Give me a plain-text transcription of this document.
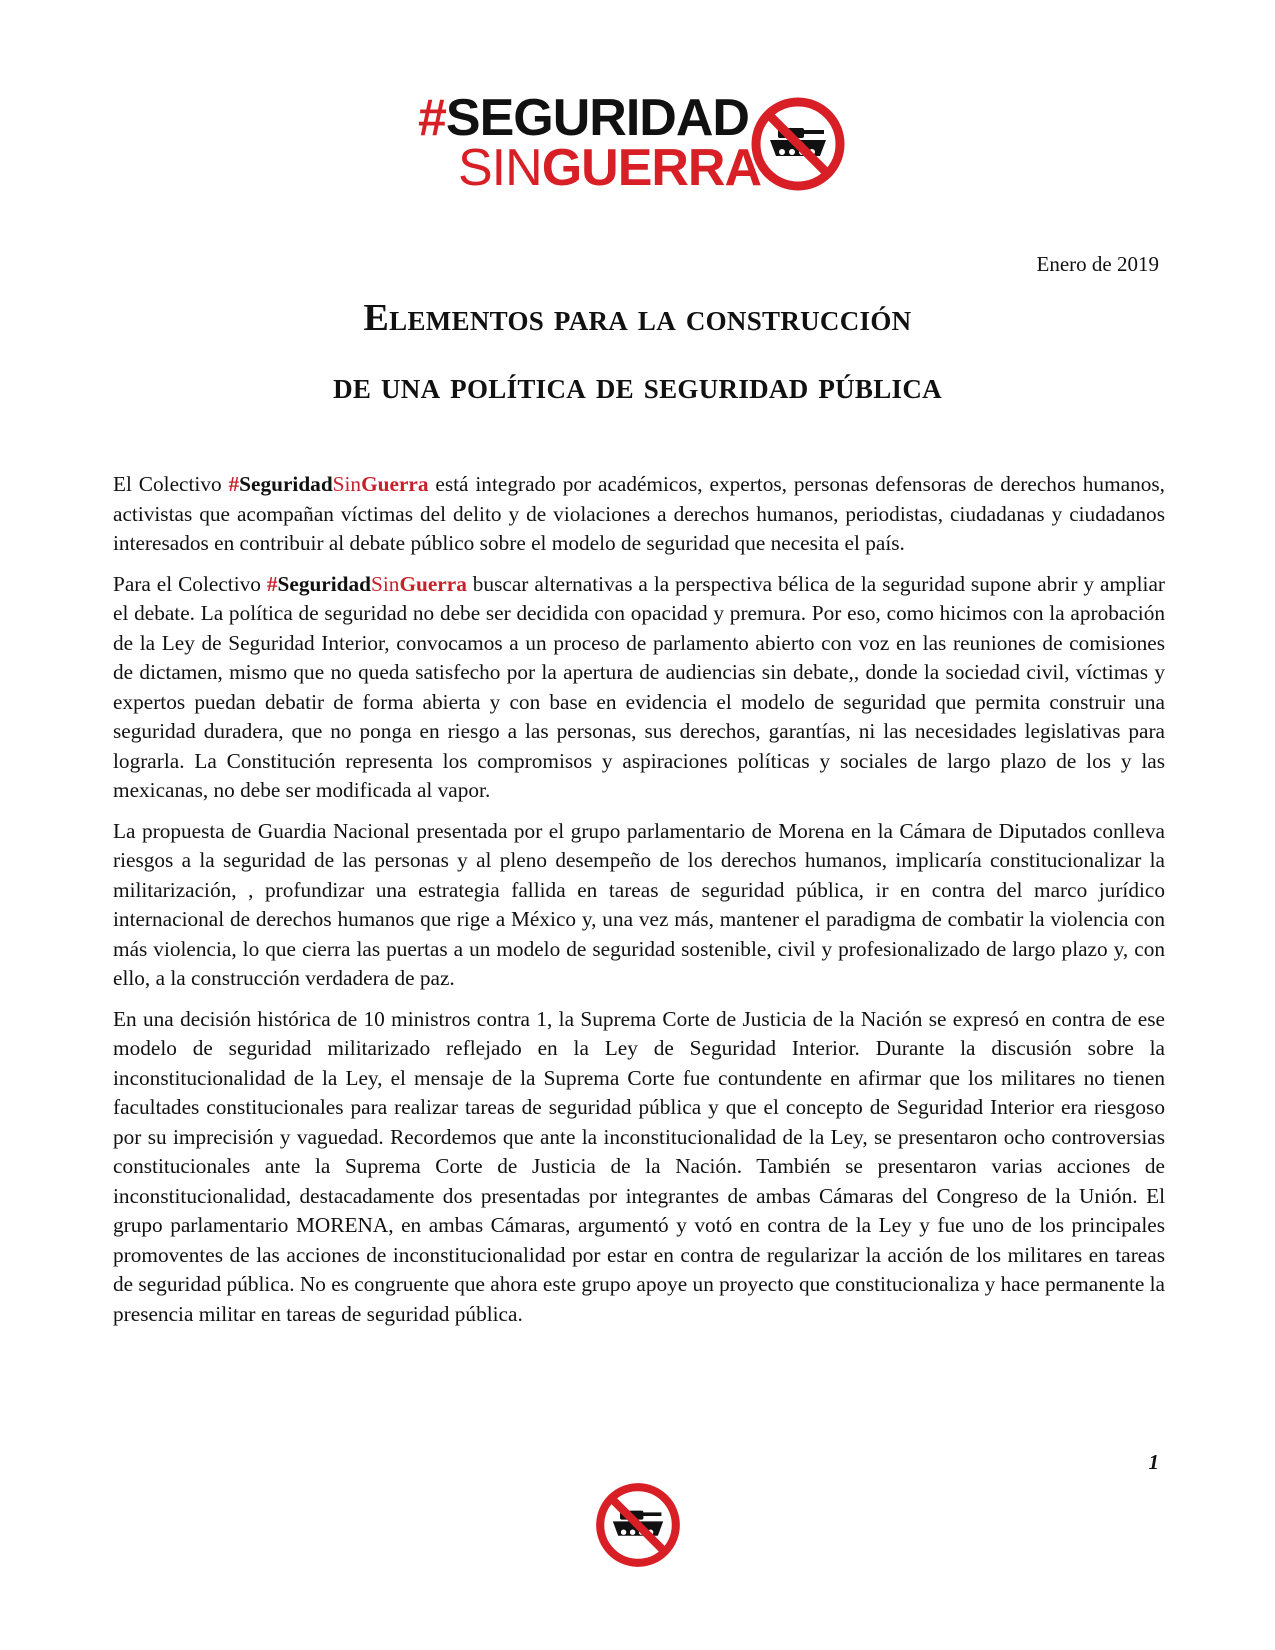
#SEGURIDAD
SINGUERRA
Enero de 2019
Elementos para la construcción
de una política de seguridad pública

El Colectivo #SeguridadSinGuerra está integrado por académicos, expertos, personas defensoras de derechos humanos, activistas que acompañan víctimas del delito y de violaciones a derechos humanos, periodistas, ciudadanas y ciudadanos interesados en contribuir al debate público sobre el modelo de seguridad que necesita el país.

Para el Colectivo #SeguridadSinGuerra buscar alternativas a la perspectiva bélica de la seguridad supone abrir y ampliar el debate. La política de seguridad no debe ser decidida con opacidad y premura. Por eso, como hicimos con la aprobación de la Ley de Seguridad Interior, convocamos a un proceso de parlamento abierto con voz en las reuniones de comisiones de dictamen, mismo que no queda satisfecho por la apertura de audiencias sin debate,, donde la sociedad civil, víctimas y expertos puedan debatir de forma abierta y con base en evidencia el modelo de seguridad que permita construir una seguridad duradera, que no ponga en riesgo a las personas, sus derechos, garantías, ni las necesidades legislativas para lograrla. La Constitución representa los compromisos y aspiraciones políticas y sociales de largo plazo de los y las mexicanas, no debe ser modificada al vapor.

La propuesta de Guardia Nacional presentada por el grupo parlamentario de Morena en la Cámara de Diputados conlleva riesgos a la seguridad de las personas y al pleno desempeño de los derechos humanos, implicaría constitucionalizar la militarización, , profundizar una estrategia fallida en tareas de seguridad pública, ir en contra del marco jurídico internacional de derechos humanos que rige a México y, una vez más, mantener el paradigma de combatir la violencia con más violencia, lo que cierra las puertas a un modelo de seguridad sostenible, civil y profesionalizado de largo plazo y, con ello, a la construcción verdadera de paz.

En una decisión histórica de 10 ministros contra 1, la Suprema Corte de Justicia de la Nación se expresó en contra de ese modelo de seguridad militarizado reflejado en la Ley de Seguridad Interior. Durante la discusión sobre la inconstitucionalidad de la Ley, el mensaje de la Suprema Corte fue contundente en afirmar que los militares no tienen facultades constitucionales para realizar tareas de seguridad pública y que el concepto de Seguridad Interior era riesgoso por su imprecisión y vaguedad. Recordemos que ante la inconstitucionalidad de la Ley, se presentaron ocho controversias constitucionales ante la Suprema Corte de Justicia de la Nación. También se presentaron varias acciones de inconstitucionalidad, destacadamente dos presentadas por integrantes de ambas Cámaras del Congreso de la Unión. El grupo parlamentario MORENA, en ambas Cámaras, argumentó y votó en contra de la Ley y fue uno de los principales promoventes de las acciones de inconstitucionalidad por estar en contra de regularizar la acción de los militares en tareas de seguridad pública. No es congruente que ahora este grupo apoye un proyecto que constitucionaliza y hace permanente la presencia militar en tareas de seguridad pública.

1
